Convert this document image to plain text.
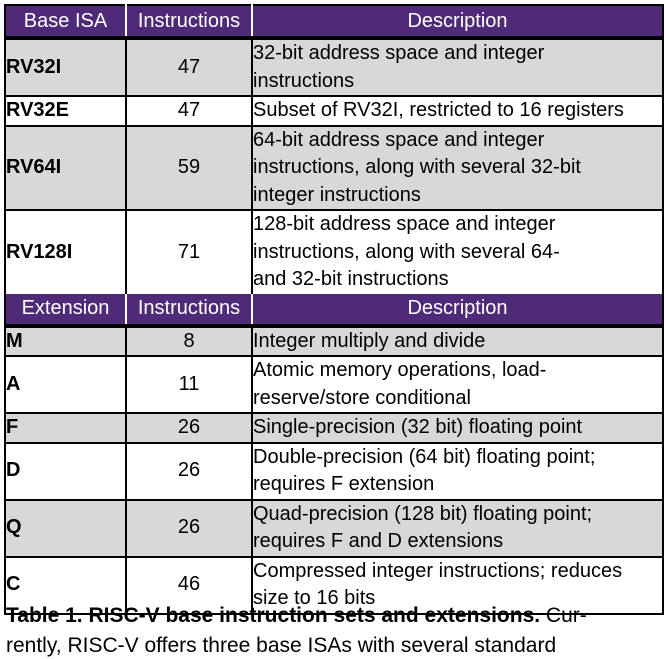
Base ISA	Instructions	Description
RV32I	47	32-bit address space and integer
instructions

RV32E	47	Subset of RV32I, restricted to 16 registers

RV64I	59	64-bit address space and integer
instructions, along with several 32-bit
integer instructions

RV128I	71	128-bit address space and integer
instructions, along with several 64-
and 32-bit instructions

Extension	Instructions	Description
M	8	Integer multiply and divide

A	11	Atomic memory operations, load-
reserve/store conditional

F	26	Single-precision (32 bit) floating point

D	26	Double-precision (64 bit) floating point;
requires F extension

Q	26	Quad-precision (128 bit) floating point;
requires F and D extensions

C	46	Compressed integer instructions; reduces
size to 16 bits
Table 1. RISC-V base instruction sets and extensions. Cur-
rently, RISC-V offers three base ISAs with several standard
